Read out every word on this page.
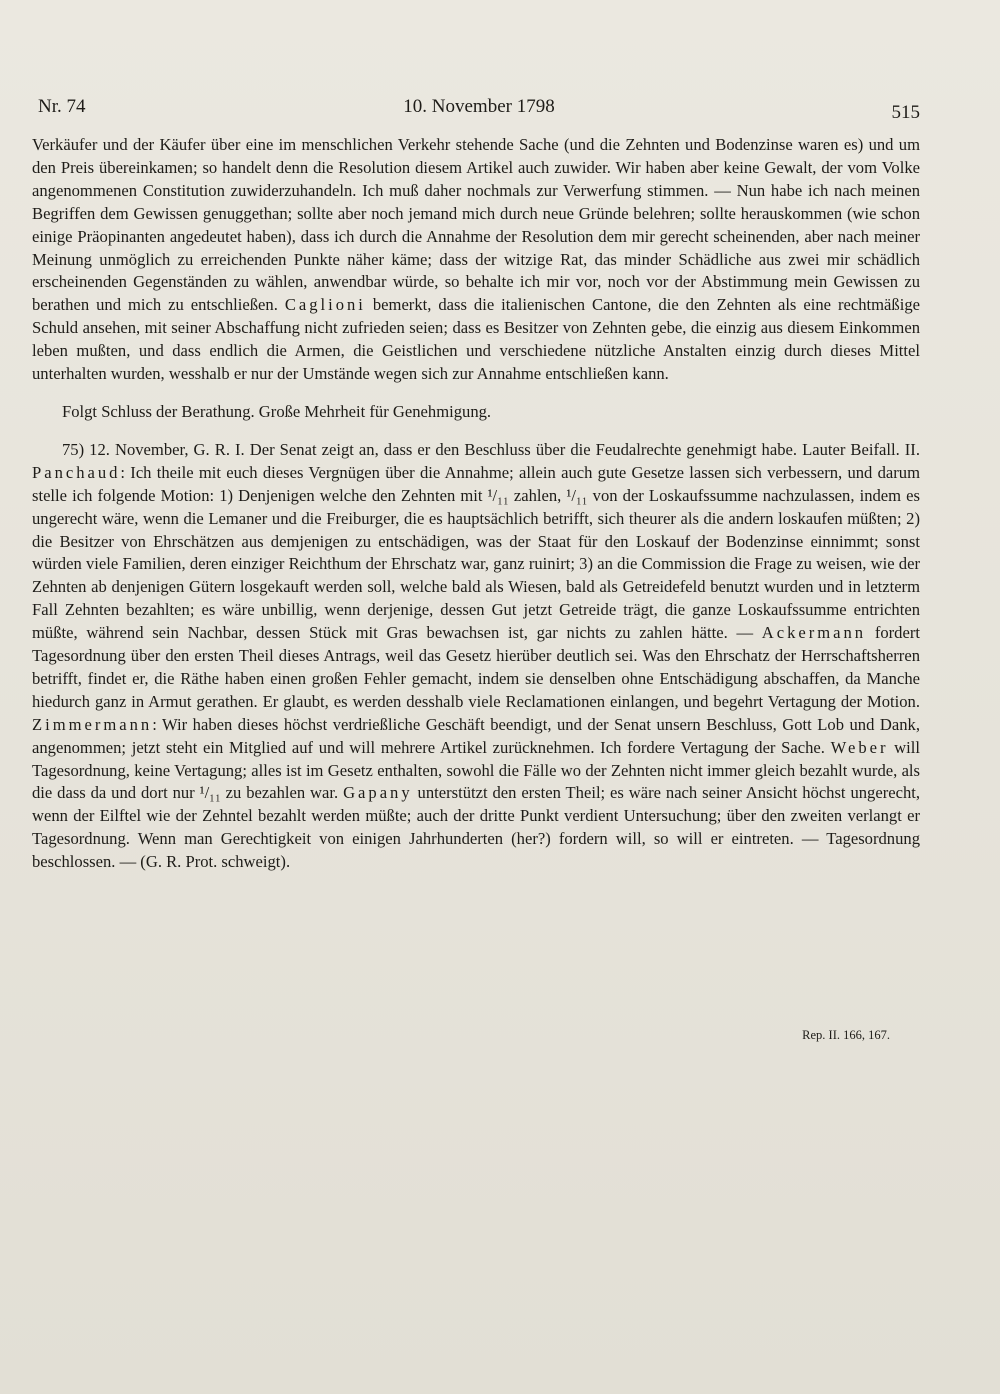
Nr. 74	10. November 1798	515

Verkäufer und der Käufer über eine im menschlichen Verkehr stehende Sache (und die Zehnten und Bodenzinse waren es) und um den Preis übereinkamen; so handelt denn die Resolution diesem Artikel auch zuwider. Wir haben aber keine Gewalt, der vom Volke angenommenen Constitution zuwiderzuhandeln. Ich muß daher nochmals zur Verwerfung stimmen. — Nun habe ich nach meinen Begriffen dem Gewissen genuggethan; sollte aber noch jemand mich durch neue Gründe belehren; sollte herauskommen (wie schon einige Präopinanten angedeutet haben), dass ich durch die Annahme der Resolution dem mir gerecht scheinenden, aber nach meiner Meinung unmöglich zu erreichenden Punkte näher käme; dass der witzige Rat, das minder Schädliche aus zwei mir schädlich erscheinenden Gegenständen zu wählen, anwendbar würde, so behalte ich mir vor, noch vor der Abstimmung mein Gewissen zu berathen und mich zu entschließen. Caglioni bemerkt, dass die italienischen Cantone, die den Zehnten als eine rechtmäßige Schuld ansehen, mit seiner Abschaffung nicht zufrieden seien; dass es Besitzer von Zehnten gebe, die einzig aus diesem Einkommen leben mußten, und dass endlich die Armen, die Geistlichen und verschiedene nützliche Anstalten einzig durch dieses Mittel unterhalten wurden, wesshalb er nur der Umstände wegen sich zur Annahme entschließen kann.

Folgt Schluss der Berathung. Große Mehrheit für Genehmigung.

75) 12. November, G. R. I. Der Senat zeigt an, dass er den Beschluss über die Feudalrechte genehmigt habe. Lauter Beifall. II. Panchaud: Ich theile mit euch dieses Vergnügen über die Annahme; allein auch gute Gesetze lassen sich verbessern, und darum stelle ich folgende Motion: 1) Denjenigen welche den Zehnten mit ¹/₁₁ zahlen, ¹/₁₁ von der Loskaufssumme nachzulassen, indem es ungerecht wäre, wenn die Lemaner und die Freiburger, die es hauptsächlich betrifft, sich theurer als die andern loskaufen müßten; 2) die Besitzer von Ehrschätzen aus demjenigen zu entschädigen, was der Staat für den Loskauf der Bodenzinse einnimmt; sonst würden viele Familien, deren einziger Reichthum der Ehrschatz war, ganz ruinirt; 3) an die Commission die Frage zu weisen, wie der Zehnten ab denjenigen Gütern losgekauft werden soll, welche bald als Wiesen, bald als Getreidefeld benutzt wurden und in letzterm Fall Zehnten bezahlten; es wäre unbillig, wenn derjenige, dessen Gut jetzt Getreide trägt, die ganze Loskaufssumme entrichten müßte, während sein Nachbar, dessen Stück mit Gras bewachsen ist, gar nichts zu zahlen hätte. — Ackermann fordert Tagesordnung über den ersten Theil dieses Antrags, weil das Gesetz hierüber deutlich sei. Was den Ehrschatz der Herrschaftsherren betrifft, findet er, die Räthe haben einen großen Fehler gemacht, indem sie denselben ohne Entschädigung abschaffen, da Manche hiedurch ganz in Armut gerathen. Er glaubt, es werden desshalb viele Reclamationen einlangen, und begehrt Vertagung der Motion. Zimmermann: Wir haben dieses höchst verdrießliche Geschäft beendigt, und der Senat unsern Beschluss, Gott Lob und Dank, angenommen; jetzt steht ein Mitglied auf und will mehrere Artikel zurücknehmen. Ich fordere Vertagung der Sache. Weber will Tagesordnung, keine Vertagung; alles ist im Gesetz enthalten, sowohl die Fälle wo der Zehnten nicht immer gleich bezahlt wurde, als die dass da und dort nur ¹/₁₁ zu bezahlen war. Gapany unterstützt den ersten Theil; es wäre nach seiner Ansicht höchst ungerecht, wenn der Eilftel wie der Zehntel bezahlt werden müßte; auch der dritte Punkt verdient Untersuchung; über den zweiten verlangt er Tagesordnung. Wenn man Gerechtigkeit von einigen Jahrhunderten (her?) fordern will, so will er eintreten. — Tagesordnung beschlossen. — (G. R. Prot. schweigt).

Rep. II. 166, 167.
